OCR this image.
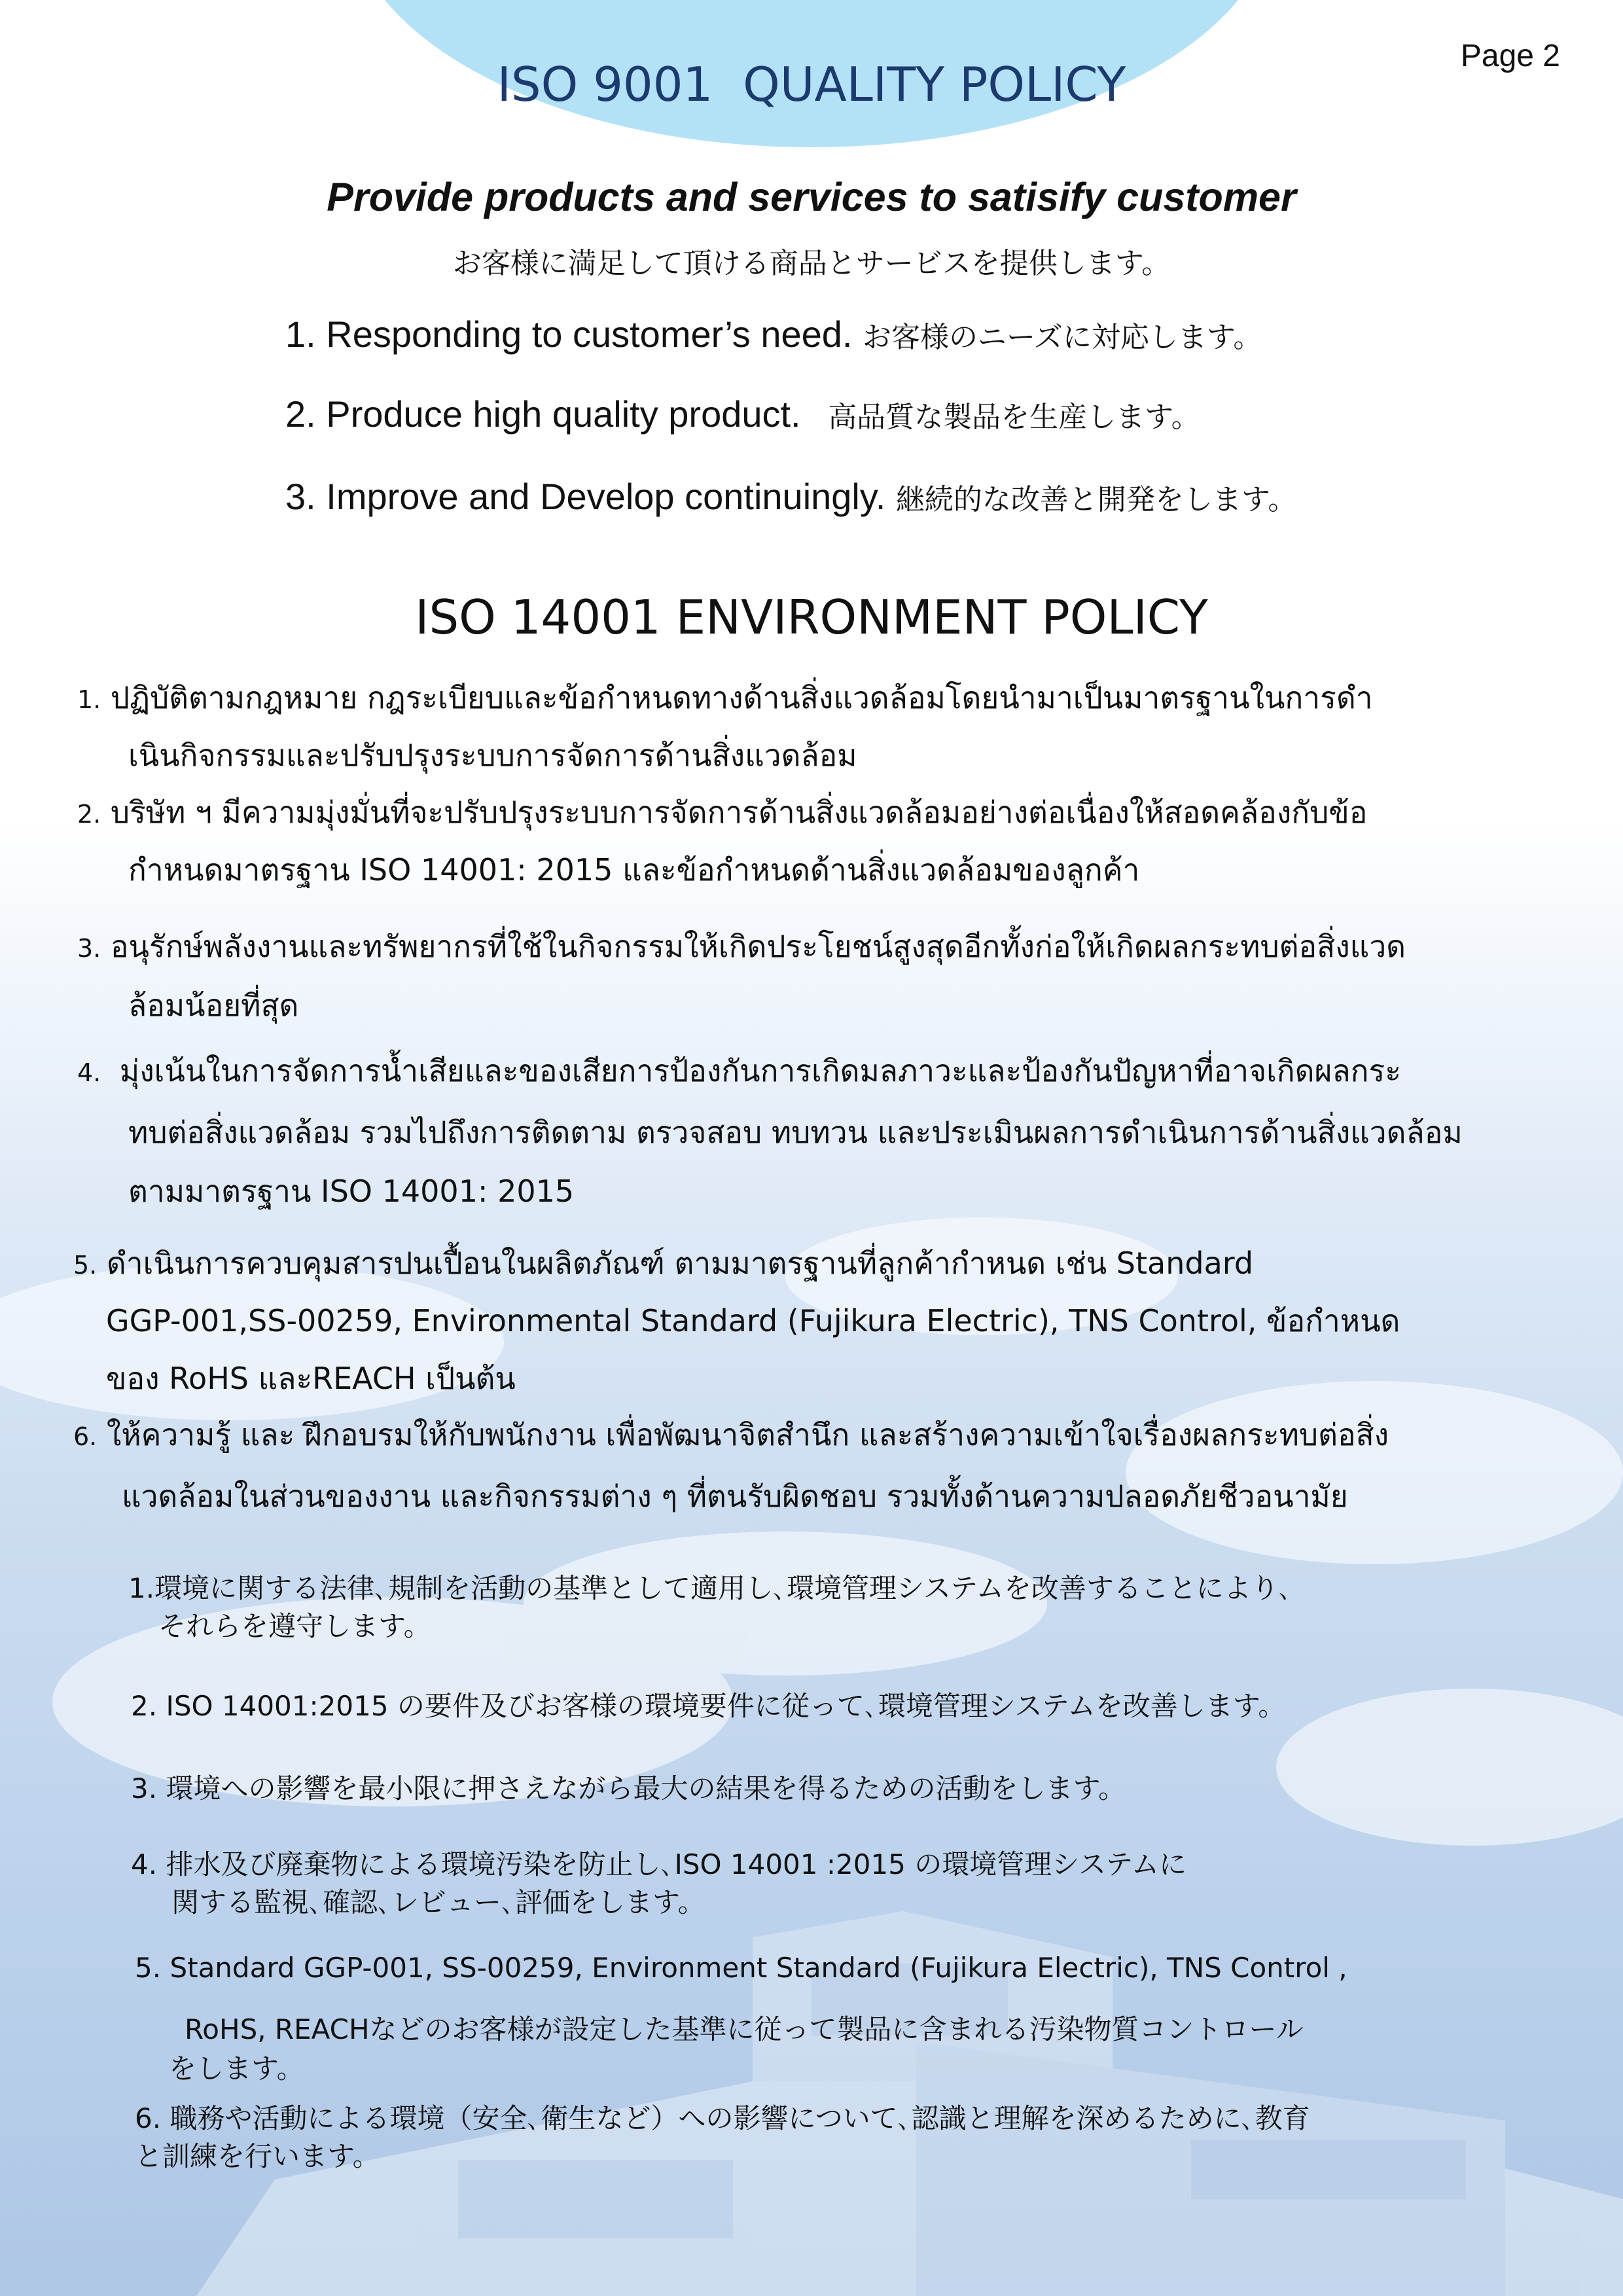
Page 2
ISO 9001  QUALITY POLICY
Provide products and services to satisify customer
お客様に満足して頂ける商品とサービスを提供します。
1. Responding to customer’s need. お客様のニーズに対応します。
2. Produce high quality product. 高品質な製品を生産します。
3. Improve and Develop continuingly. 継続的な改善と開発をします。
ISO 14001 ENVIRONMENT POLICY
1. ปฏิบัติตามกฎหมาย กฎระเบียบและข้อกำหนดทางด้านสิ่งแวดล้อมโดยนำมาเป็นมาตรฐานในการดำ
เนินกิจกรรมและปรับปรุงระบบการจัดการด้านสิ่งแวดล้อม
2. บริษัท ฯ มีความมุ่งมั่นที่จะปรับปรุงระบบการจัดการด้านสิ่งแวดล้อมอย่างต่อเนื่องให้สอดคล้องกับข้อ
กำหนดมาตรฐาน ISO 14001: 2015 และข้อกำหนดด้านสิ่งแวดล้อมของลูกค้า
3. อนุรักษ์พลังงานและทรัพยากรที่ใช้ในกิจกรรมให้เกิดประโยชน์สูงสุดอีกทั้งก่อให้เกิดผลกระทบต่อสิ่งแวด
ล้อมน้อยที่สุด
4. มุ่งเน้นในการจัดการน้ำเสียและของเสียการป้องกันการเกิดมลภาวะและป้องกันปัญหาที่อาจเกิดผลกระ
ทบต่อสิ่งแวดล้อม รวมไปถึงการติดตาม ตรวจสอบ ทบทวน และประเมินผลการดำเนินการด้านสิ่งแวดล้อม
ตามมาตรฐาน ISO 14001: 2015
5. ดำเนินการควบคุมสารปนเปื้อนในผลิตภัณฑ์ ตามมาตรฐานที่ลูกค้ากำหนด เช่น Standard
GGP-001,SS-00259, Environmental Standard (Fujikura Electric), TNS Control, ข้อกำหนด
ของ RoHS และREACH เป็นต้น
6. ให้ความรู้ และ ฝึกอบรมให้กับพนักงาน เพื่อพัฒนาจิตสำนึก และสร้างความเข้าใจเรื่องผลกระทบต่อสิ่ง
แวดล้อมในส่วนของงาน และกิจกรรมต่าง ๆ ที่ตนรับผิดชอบ รวมทั้งด้านความปลอดภัยชีวอนามัย
1.環境に関する法律､規制を活動の基準として適用し､環境管理システムを改善することにより､
それらを遵守します。
2. ISO 14001:2015 の要件及びお客様の環境要件に従って､環境管理システムを改善します。
3. 環境への影響を最小限に押さえながら最大の結果を得るための活動をします。
4. 排水及び廃棄物による環境汚染を防止し､ISO 14001 :2015 の環境管理システムに
関する監視､確認､レビュー､評価をします。
5. Standard GGP-001, SS-00259, Environment Standard (Fujikura Electric), TNS Control ,
RoHS, REACHなどのお客様が設定した基準に従って製品に含まれる汚染物質コントロール
をします。
6. 職務や活動による環境（安全､衛生など）への影響について､認識と理解を深めるために､教育
と訓練を行います。
